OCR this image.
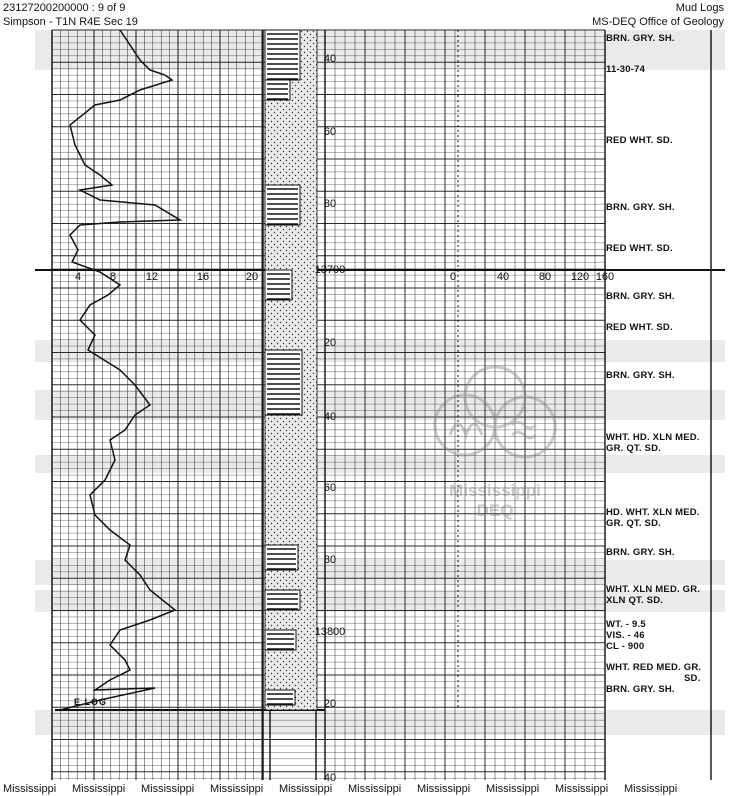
40
60
80
13700
20
40
60
80
13800
20
40
4	8	12	16	20	0	40	80 120 160
23127200200000 : 9 of 9
Simpson - T1N R4E Sec 19
Mud Logs
MS-DEQ Office of Geology
E LOG
BRN. GRY. SH.
11-30-74
RED WHT. SD.
BRN. GRY. SH.
RED WHT. SD.
BRN. GRY. SH.
RED WHT. SD.
BRN. GRY. SH.
WHT. HD. XLN MED.
GR. QT. SD.
HD. WHT. XLN MED.
GR. QT. SD.
BRN. GRY. SH.
WHT. XLN MED. GR.
XLN QT. SD.
WT. - 9.5
VIS. - 46
CL - 900
WHT. RED MED. GR.
SD.
BRN. GRY. SH.
Mississippi
DEQ
Mississippi Mississippi Mississippi Mississippi Mississippi Mississippi Mississippi Mississippi Mississippi Mississippi
